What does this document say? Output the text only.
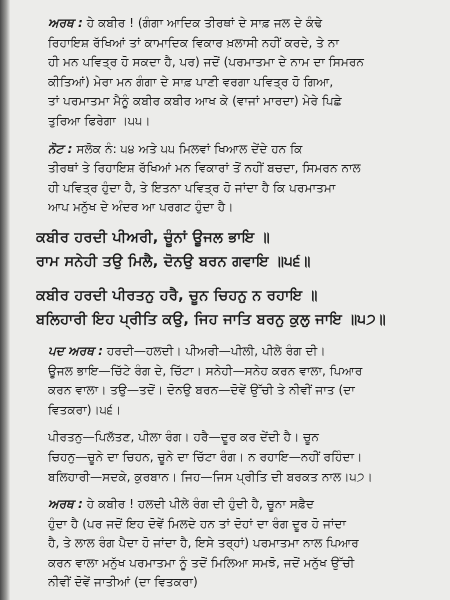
ਅਰਥ : ਹੇ ਕਬੀਰ ! (ਗੰਗਾ ਆਦਿਕ ਤੀਰਥਾਂ ਦੇ ਸਾਫ਼ ਜਲ ਦੇ ਕੰਢੇ
ਰਿਹਾਇਸ਼ ਰੱਖਿਆਂ ਤਾਂ ਕਾਮਾਦਿਕ ਵਿਕਾਰ ਖ਼ਲਾਸੀ ਨਹੀਂ ਕਰਦੇ, ਤੇ ਨਾ
ਹੀ ਮਨ ਪਵਿਤ੍ਰ ਹੋ ਸਕਦਾ ਹੈ, ਪਰ) ਜਦੋਂ (ਪਰਮਾਤਮਾ ਦੇ ਨਾਮ ਦਾ ਸਿਮਰਨ
ਕੀਤਿਆਂ) ਮੇਰਾ ਮਨ ਗੰਗਾ ਦੇ ਸਾਫ਼ ਪਾਣੀ ਵਰਗਾ ਪਵਿਤ੍ਰ ਹੋ ਗਿਆ,
ਤਾਂ ਪਰਮਾਤਮਾ ਮੈਨੂੰ ਕਬੀਰ ਕਬੀਰ ਆਖ ਕੇ (ਵਾਜਾਂ ਮਾਰਦਾ) ਮੇਰੇ ਪਿਛੇ
ਤੁਰਿਆ ਫਿਰੇਗਾ ।੫੫।

ਨੋਟ : ਸਲੋਕ ਨੰ: ੫੪ ਅਤੇ ੫੫ ਮਿਲਵਾਂ ਖਿਆਲ ਦੇਂਦੇ ਹਨ ਕਿ
ਤੀਰਥਾਂ ਤੇ ਰਿਹਾਇਸ਼ ਰੱਖਿਆਂ ਮਨ ਵਿਕਾਰਾਂ ਤੋਂ ਨਹੀਂ ਬਚਦਾ, ਸਿਮਰਨ ਨਾਲ
ਹੀ ਪਵਿਤ੍ਰ ਹੁੰਦਾ ਹੈ, ਤੇ ਇਤਨਾ ਪਵਿਤ੍ਰ ਹੋ ਜਾਂਦਾ ਹੈ ਕਿ ਪਰਮਾਤਮਾ
ਆਪ ਮਨੁੱਖ ਦੇ ਅੰਦਰ ਆ ਪਰਗਟ ਹੁੰਦਾ ਹੈ।

ਕਬੀਰ ਹਰਦੀ ਪੀਅਰੀ, ਚੂੰਨਾਂ ਊਜਲ ਭਾਇ ॥
ਰਾਮ ਸਨੇਹੀ ਤਉ ਮਿਲੈ, ਦੋਨਉ ਬਰਨ ਗਵਾਇ ॥੫੬॥
ਕਬੀਰ ਹਰਦੀ ਪੀਰਤਨੁ ਹਰੈ, ਚੂਨ ਚਿਹਨੁ ਨ ਰਹਾਇ ॥
ਬਲਿਹਾਰੀ ਇਹ ਪ੍ਰੀਤਿ ਕਉ, ਜਿਹ ਜਾਤਿ ਬਰਨੁ ਕੁਲੁ ਜਾਇ ॥੫੭॥

ਪਦ ਅਰਥ : ਹਰਦੀ—ਹਲਦੀ। ਪੀਅਰੀ—ਪੀਲੀ, ਪੀਲੇ ਰੰਗ ਦੀ।
ਊਜਲ ਭਾਇ—ਚਿੱਟੇ ਰੰਗ ਦੇ, ਚਿੱਟਾ। ਸਨੇਹੀ—ਸਨੇਹ ਕਰਨ ਵਾਲਾ, ਪਿਆਰ
ਕਰਨ ਵਾਲਾ। ਤਉ—ਤਦੋਂ। ਦੋਨਉ ਬਰਨ—ਦੋਵੇਂ ਉੱਚੀ ਤੇ ਨੀਵੀਂ ਜਾਤ (ਦਾ
ਵਿਤਕਰਾ)।੫੬।

ਪੀਰਤਨੁ—ਪਿਲੱਤਣ, ਪੀਲਾ ਰੰਗ। ਹਰੈ—ਦੂਰ ਕਰ ਦੇਂਦੀ ਹੈ। ਚੂਨ
ਚਿਹਨੁ—ਚੂਨੇ ਦਾ ਚਿਹਨ, ਚੂਨੇ ਦਾ ਚਿੱਟਾ ਰੰਗ। ਨ ਰਹਾਇ—ਨਹੀਂ ਰਹਿੰਦਾ।
ਬਲਿਹਾਰੀ—ਸਦਕੇ, ਕੁਰਬਾਨ। ਜਿਹ—ਜਿਸ ਪ੍ਰੀਤਿ ਦੀ ਬਰਕਤ ਨਾਲ।੫੭।

ਅਰਥ : ਹੇ ਕਬੀਰ ! ਹਲਦੀ ਪੀਲੇ ਰੰਗ ਦੀ ਹੁੰਦੀ ਹੈ, ਚੂਨਾ ਸਫ਼ੈਦ
ਹੁੰਦਾ ਹੈ (ਪਰ ਜਦੋਂ ਇਹ ਦੋਵੇਂ ਮਿਲਦੇ ਹਨ ਤਾਂ ਦੋਹਾਂ ਦਾ ਰੰਗ ਦੂਰ ਹੋ ਜਾਂਦਾ
ਹੈ, ਤੇ ਲਾਲ ਰੰਗ ਪੈਦਾ ਹੋ ਜਾਂਦਾ ਹੈ, ਇਸੇ ਤਰ੍ਹਾਂ) ਪਰਮਾਤਮਾ ਨਾਲ ਪਿਆਰ
ਕਰਨ ਵਾਲਾ ਮਨੁੱਖ ਪਰਮਾਤਮਾ ਨੂੰ ਤਦੋਂ ਮਿਲਿਆ ਸਮਝੋ, ਜਦੋਂ ਮਨੁੱਖ ਉੱਚੀ
ਨੀਵੀਂ ਦੋਵੇਂ ਜਾਤੀਆਂ (ਦਾ ਵਿਤਕਰਾ)
